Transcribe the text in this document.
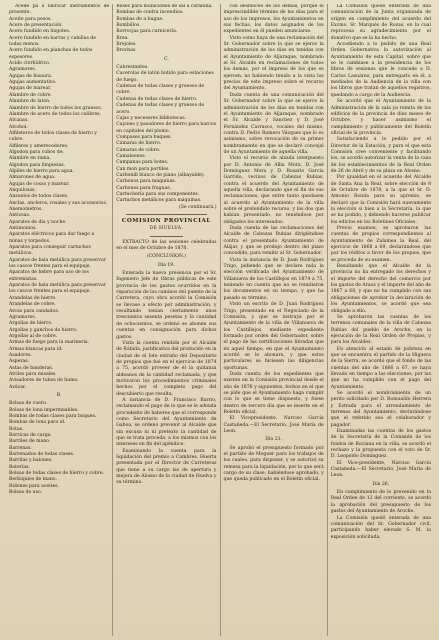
Acede pa a fabricar instrumentos de presente.

Aceite para pesos.

Acero de presentación.

Acero fundido en lingotes.

Acero fundido en barras y cabillas de todas menos.

Acero fundido en planchas de todos espesores.

Acido clorhídrico.

Agramores.

Agujas de bisaura.

Agujas aumentativo.

Agujas de marear.

Alambre de cobre.

Alambre de latón.

Alambre de hierro de todos los gruesos.

Alambre de acero de todos los calibres.

Alcanas.

Alcohol.

Alfileteros de todos clases de hierro y cobre.

Alfileres y amerecedores.

Algodon para cubos de.

Alambre en rama.

Algodon para limpiezas.

Alpiles de hierro para agua.

Almarones de agua.

Agujas de cosas y marear.

Anquilosas.

Anzuelos de todos clases.

Anclas, ancleros, rosales y sus accesorios.

Anemometros.

Antiosas.

Aparatos de dia y noche.

Antimonios.

Aparatos eléctricos para dar fuego a minas y torpedos.

Aparatos para conseguir cartuchos metálicos.

Aparatos de bala metálica para preservar los cascos frentes para el equipaje.

Aparatos de hebre para uso de los extremistas.

Aparatos de bala metálica para preservar los cascos frentes para el equipaje.

Arandelas de hierro.

Arandelas de cobre.

Arcas para candados.

Agramores.

Argollas de hierro.

Argollas y ganchos de hierro.

Argollas al de cobre.

Armas de fuego para la marinería.

Armas blancas para id.

Asadores.

Asperas.

Astas de banderas.

Atriles para misales.

Avisadores de tubos de humo.

Azúcar.

B.

Bolsas de cuero.

Bolsas de lona impermeables.

Bombas de todas clases para buques.

Bombas de lona para id.

Botas.

Barricas de carga.

Barriles de mano.

Barrenas.

Barrenados de todas clases.

Barrilas y balones.

Baterías.

Bolsas de todas clases de hierro y cobre.

Berbiquíes de mano.

Bidones para aceites.

Bolsas de uso.

Bilses para municiones de sal a carabina.

Bombas de contra incendios.

Bombas de a bugue.

Bombillos.

Borrocjas para carnicería.

Brea.

Brejoles.

Brochas.

C.

Cabrestantes.

Cacerolas de latón batido para estaciones de fuego.

Cadenas de todas clases y gruesos de cobre.

Cadenas de todas clases de hierro.

Cadenas de todas clases y gruesos de acero.

Cajas y neceseres bibliotecas.

Cajones y pasadores de hierro para barcos en capitales del plomo.

Compases para buques.

Cámaras de hierro.

Cámaras de cobre.

Camaleones.

Campanas para botes.

Can mon para portiles.

Carbonill blanco de piano (albayalde).

Carbonos para máquinas.

Carbones para fraguas.

Cartuchería para sus componentes.

Cartuchos metálicos para máquinas.

(Se continuará.)

COMISION PROVINCIAL

DE HUELVA.

EXTRACTO de las sesiones celebradas en el mes de Octubre de 1878.

(CONCLUSION.)

Día 19.

Enterada la nueva presencia por el Sr. Ingeniero Jefe de Obras públicas de este provincia de los gastos ocurridos en la reparación de los caminos del puente de la Carretera, cuyo obra acordó la Comisión se llevase a efecto por administración, y resultando tenían ciertamente unos trescientos sesenta pesetas y la cantidad de ochocientos, se ordenó se abonen sus cuentas en consignación para dichos gastos.

Vista la cuenta rendida por el Alcalde de Rábida, justificativa del producido en la ciudad de el lote extraño del Depositario de propios que fué en el ejercicio de 1874 a 75, acordó proveer de él la quitanza aldeanos de la cantidad reclamada, y que motivaron los procedimientos criminales hechos por el completo pago del descubierto que resulta.

A instancia de D. Francisco Barrio, reclamando el pago de lo que se le adeuda procedente de haberes que el corresponde como Secretario del Ayuntamiento de Gaboa, se ordenó prevenir al Alcalde que sin excusa ni ni pretexto la cantidad de que se trata proceda, a los mismos con los intereses en fin del apéndice.

Examinando la cuenta para la liquidación del premio a Cambres, Huerta presentada por el Director de Carreteras que tiene a su cargo las de apertura y mejora de Alosno de la ciudad de Huelva y su término.

con desbloceo de los demas, porque el imprescindible término de los días para el uso de los impresos, los Ayuntamientos en sus fechas, los datos asignados de los expedientes en él pueden anunciarse.

Visto como haya de una reclamación del Sr. Gobernador sobre la que se ejerce la administración de los días en tenidas con el Ayuntamiento de Aljaraque, nombrado el Sr. Alcalde en reclamaciones de todos los demás, por el impreso de los que se ejercen, no habiendo tenido a la vista los precios de este impreso sobre el recurso del Ayuntamiento.

Dada cuenta de una comunicación del Sr. Gobernador sobre la que se ejerce la administración de los días en tenidas con el Ayuntamiento de Aljaraque, nombrado el Sr. Alcalde y Sanchez y D. José Fernández Carrasco, vocales del mismo, contra D. Pedro Romero Vázquez que lo es asimismo, sobre revocación de su primer nombramiento en que se declaró concejal de un Ayuntamiento de aquella villa.

Visto el recurso de alzada interpuesto por D. Antonio de Alba Mora, D. José Domínguez Mora y D. Rosario García Garrido, vecinos de Cabezas Rubias, contra el acuerdo del Ayuntamiento de aquella villa, declarando que el fin de sus reclamaciones, que entre tanto quedasen al acuerdo al Ayuntamiento de la villa sobre el pretendido recurso, y los dos que habían presentado, no teniéndose por obligados los interesados.

Dada cuenta de las reclamaciones del Alcalde de Cabezas Rubias dirigiéndose contra el presentado Ayuntamiento de Alájar, y que se produjo dentro del plazo concedido, para remitir al Sr. Gobernador.

Vista la instancia de D. Juan Rodríguez Trigo, pidiendo que se declare nula la elección verificada del Ayuntamiento de Villanueva de los Castillejos en 1874 a 75, teniendo en cuenta que no se remitieron los documentos en su tiempo, y que ha pasado su término.

Visto un escrito de D. Juan Rodríguez Trigo, presentado en el Negociado de la Comisión, y que se instruya por el Ayuntamiento de la villa de Villanueva de los Castillejos, mediante expediente formado por orden del Gobernador, sobre el pago de las certificaciones libradas que en aquel tiempo, en que el Ayuntamiento acordó se le abonara, y que estos particulares se hiciesen las diligencias oportunas.

Dada cuenta de los expedientes que existen en la Comisión provincial desde el año de 1876 y siguientes, fechos en el que se pide que el Ayuntamiento haga cumplir con lo que se tiene dispuesto, y fuese dentro de tercero día que se inserte en el Boletín oficial.

El Vicepresidente, Narciso García Castañeda.—El Secretario, José María de Leon.

Día 23.

Se aprobó el presupuesto formado por el partido de Moguer para los trabajos de los cuales, para disponer, y se autorizó su remesa para la liquidación, por lo que será cargo de su clase, habiéndose aprobado, y que queda publicado en el Boletín oficial.

La Comisión quedó enterada de una comunicación de la Junta organizada de origen en cumplimiento del acuerdo del Excmo. Sr. Marqués de Rozas, en la cual reprocesa su agradecimiento por el donativo que se la ha hecho.

Accediendo a lo pedido de una Real Orden Gobernativa la autorización al Ayuntamiento de esta Capital, sobre que se le cambiase a la presidencia de los libros de sesiones que le concede a D. Carlos Lasuárez, para entregarlo en él, a mediados de la Audiencia de la villa con los libros que tratan de aquellos registros, quedando a cargo de la Audiencia.

Se acordó que el Ayuntamiento de la Administración de la sala ya remita de los edificios de la provincia de diez meses de Octubre, y hacer asimismo el cumplimiento y públicamente del Boletín oficial de la provincia.

Satisfaciendo a lo pedido por el Director de la Estación, y para el que esta Comisión cree conveniente y facilitando los, se acordó autorizar la venta de la casa de los establecimientos de la Real Orden de 26 de Abril y de su plaza en Alosno.

Por igualdad en el acuerdo del Alcalde de Santa Ana la Real, sobre elección de 8 de Octubre de 1878, a la que el Sr. D. Antonio Ronda para su apremio, se declaró que la Comisión hará nuevamente la elección si bien a la Secretaría, la que se ha podido, y debiendo hacerse publicar los edictos en los Boletines Oficiales.

Previo examen, se aprobaron las cuentas de propios correspondientes al Ayuntamiento de Zalamea la Real, del ejercicio de 1868 a 69, declarándose que por los réditos a favor de los propios, que se proceda de su examen.

Resultando que el Alcalde de la provincia no ha entregado los derechos y el importe del derecho del comercio por los gastos de Araoz y el importe del año de 1867 a 68, y que no ha cumplido con sus obligaciones de aprobar la declaración de los Ayuntamientos, se acordó que sea obligado a ello.

Se aprobaron las cuentas de los terrenos comunales de la villa de Cabezas Rubias del pueblo de Aroche, en la ejecución de la Real Orden de Propios, y para los Alcaldes.

En atención al estado de pobreza en que se encuentra el partido de la Higuera de la Sierra, se acordó que el fondo de las cuentas del año de 1866 a 67, se haya llevado en tiempo a las elecciones, por las que no ha cumplido con el pago del Ayuntamiento.

Se acordó el nombramiento de un perito solicitado por D. Romualdo Herrera y Estrada para el arrendamiento de terrenos del Ayuntamiento, declarándose que el referido sea el colaborador y pagador.

Examinadas las cuentas de los gastos de la Secretaría de la Comisión de los fondos de Rociana en la villa, se acordó el rechazo y la propuesta con el voto de Sr. D. Leopoldo Domínguez.

El Vice-presidente, Narciso García Castañeda.—El Secretario, José María de Leon.

Día 26.

En cumplimiento de lo prevenido en la Real Orden de 12 del corriente, se acordó la aprobación del presupuesto de los gastos del Ayuntamiento de Aroche.

La Comisión quedó enterada de una comunicación del Sr. Gobernador civil, participando haber elevado S. M. la exposición solicitada.
